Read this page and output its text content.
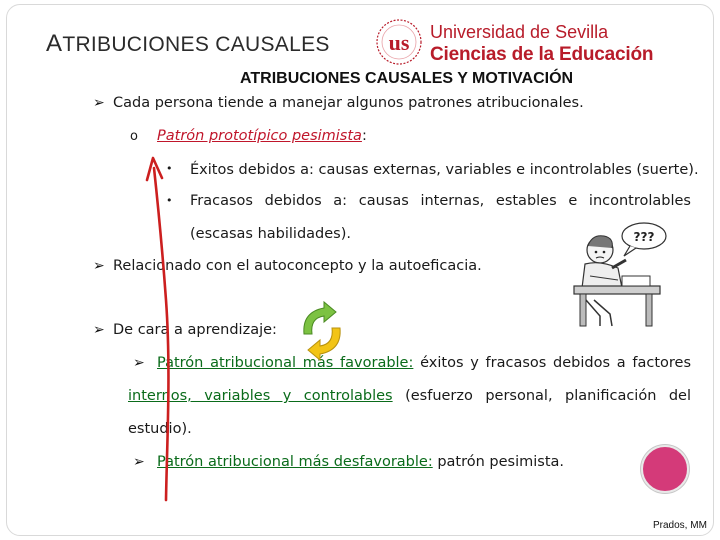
ATRIBUCIONES CAUSALES	us Universidad de Sevilla
Ciencias de la Educación
ATRIBUCIONES CAUSALES Y MOTIVACIÓN
➢ Cada persona tiende a manejar algunos patrones atribucionales.
o Patrón prototípico pesimista:
• Éxitos debidos a: causas externas, variables e incontrolables (suerte).
• Fracasos debidos a: causas internas, estables e incontrolables
(escasas habilidades).
➢ Relacionado con el autoconcepto y la autoeficacia.
➢ De cara a aprendizaje:
➢ Patrón atribucional más favorable: éxitos y fracasos debidos a factores
internos, variables y controlables (esfuerzo personal, planificación del
estudio).
➢ Patrón atribucional más desfavorable: patrón pesimista.
???
Prados, MM
